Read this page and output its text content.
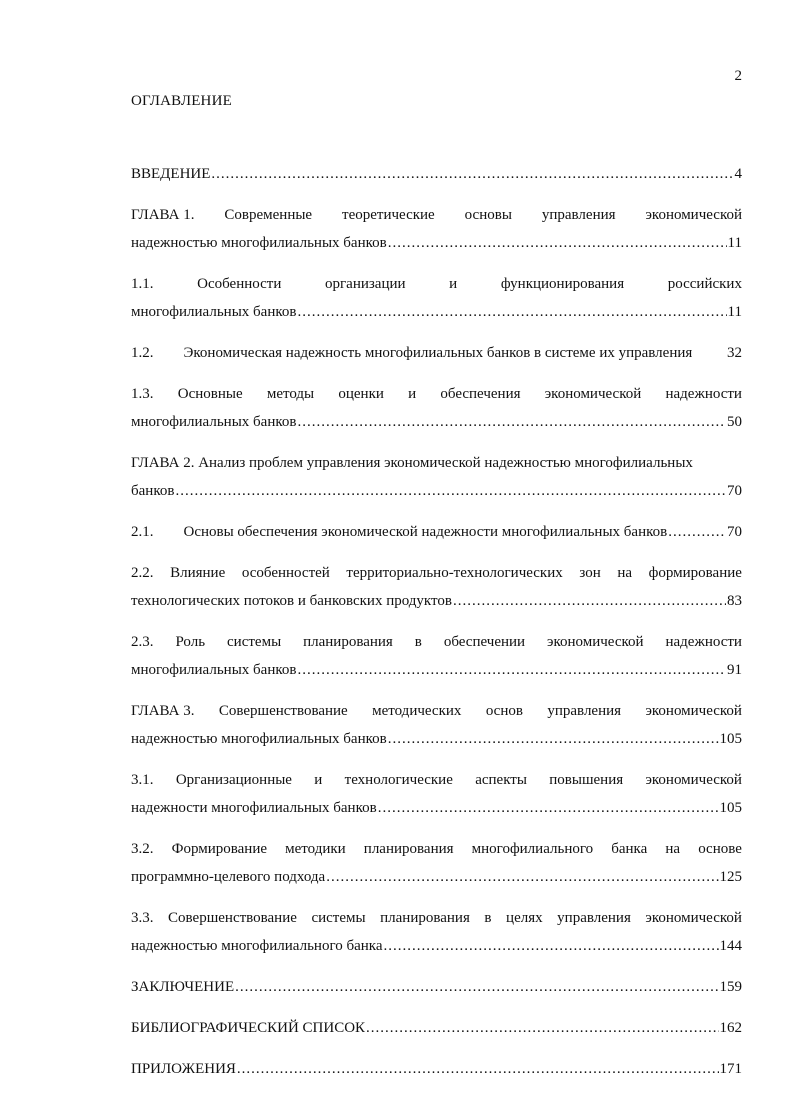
2
ОГЛАВЛЕНИЕ
ВВЕДЕНИЕ .....	4
ГЛАВА 1. Современные теоретические основы управления экономической
надежностью многофилиальных банков .....	11
1.1.	Особенности	организации	и	функционирования	российских
многофилиальных банков .....	11
1.2.        Экономическая надежность многофилиальных банков в системе их управления	32
1.3. Основные методы оценки и обеспечения экономической надежности
многофилиальных банков .....	50
ГЛАВА 2. Анализ проблем управления экономической надежностью многофилиальных
банков .....	70
2.1.        Основы обеспечения экономической надежности многофилиальных банков .....	70
2.2. Влияние особенностей территориально-технологических зон на формирование
технологических потоков и банковских продуктов .....	83
2.3. Роль системы планирования в обеспечении экономической надежности
многофилиальных банков .....	91
ГЛАВА 3. Совершенствование методических основ управления экономической
надежностью многофилиальных банков .....	105
3.1. Организационные и технологические аспекты повышения экономической
надежности многофилиальных банков .....	105
3.2. Формирование методики планирования многофилиального банка на основе
программно-целевого подхода .....	125
3.3. Совершенствование системы планирования в целях управления экономической
надежностью многофилиального банка .....	144
ЗАКЛЮЧЕНИЕ .....	159
БИБЛИОГРАФИЧЕСКИЙ СПИСОК .....	162
ПРИЛОЖЕНИЯ .....	171
